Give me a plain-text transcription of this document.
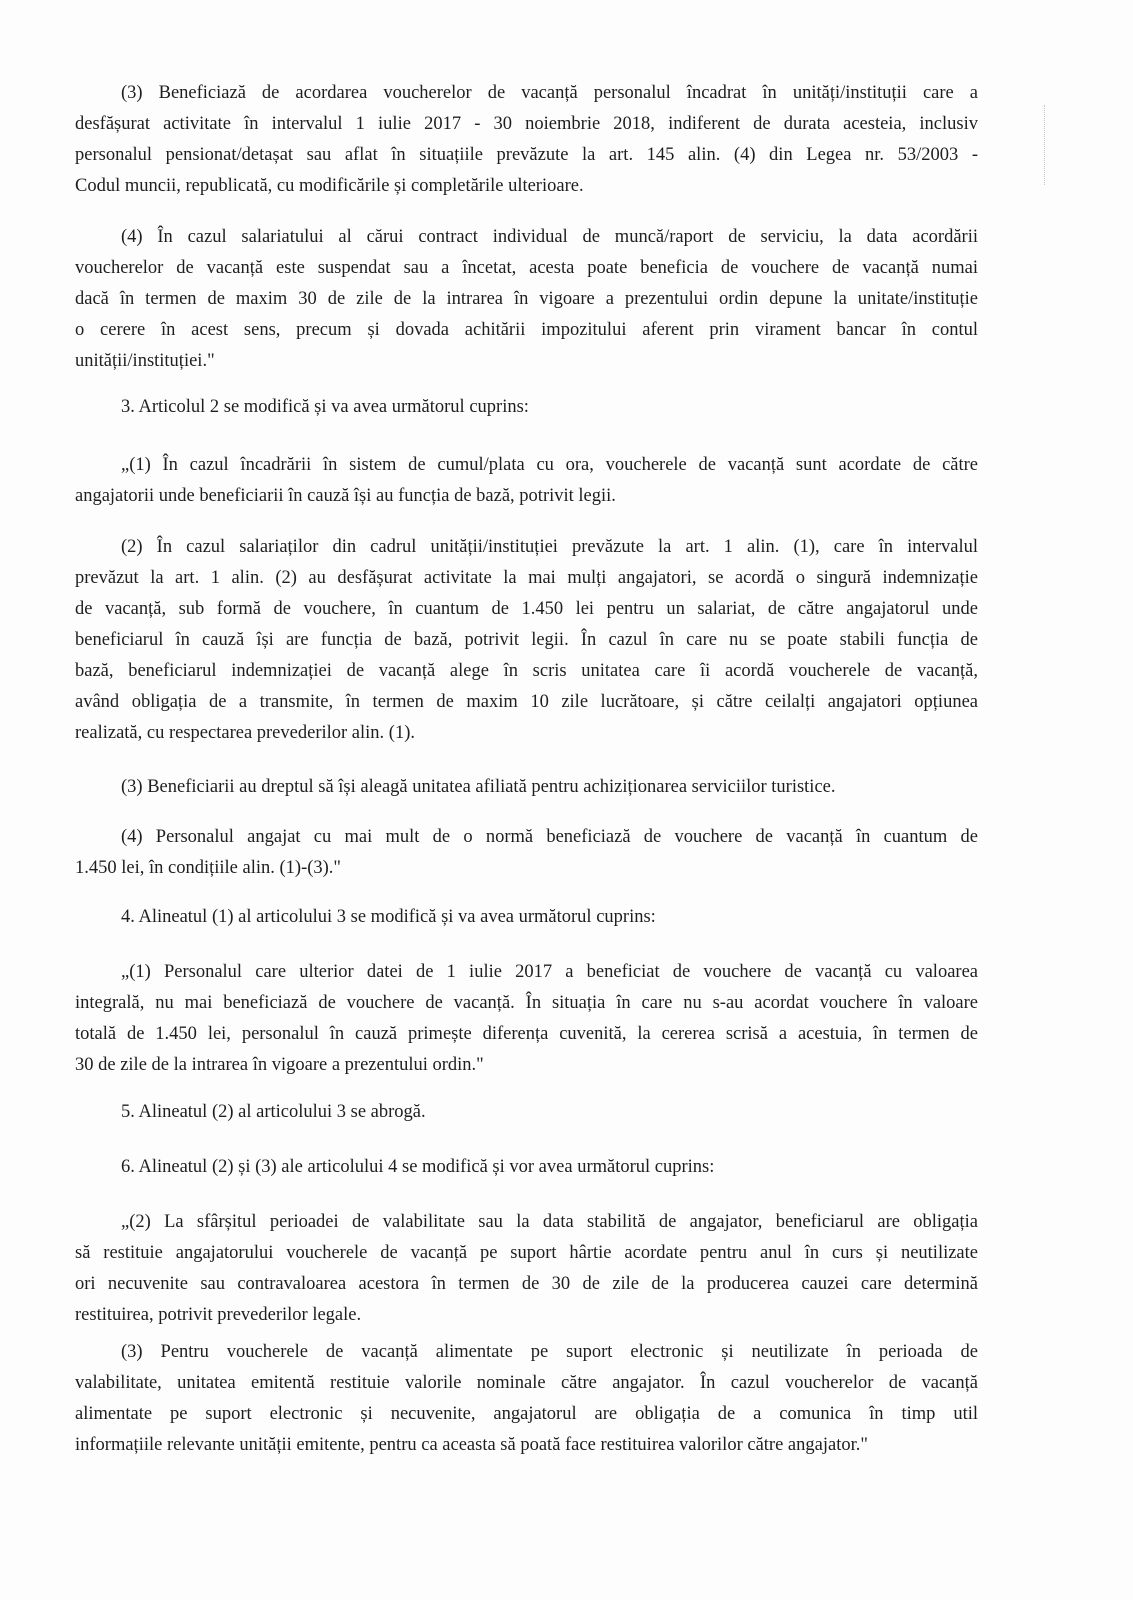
(3) Beneficiază de acordarea voucherelor de vacanță personalul încadrat în unități/instituții care a
desfășurat activitate în intervalul 1 iulie 2017 - 30 noiembrie 2018, indiferent de durata acesteia, inclusiv
personalul pensionat/detașat sau aflat în situațiile prevăzute la art. 145 alin. (4) din Legea nr. 53/2003 -
Codul muncii, republicată, cu modificările și completările ulterioare.
(4) În cazul salariatului al cărui contract individual de muncă/raport de serviciu, la data acordării
voucherelor de vacanță este suspendat sau a încetat, acesta poate beneficia de vouchere de vacanță numai
dacă în termen de maxim 30 de zile de la intrarea în vigoare a prezentului ordin depune la unitate/instituție
o cerere în acest sens, precum și dovada achitării impozitului aferent prin virament bancar în contul
unității/instituției."
3. Articolul 2 se modifică și va avea următorul cuprins:
„(1) În cazul încadrării în sistem de cumul/plata cu ora, voucherele de vacanță sunt acordate de către
angajatorii unde beneficiarii în cauză își au funcția de bază, potrivit legii.
(2) În cazul salariaților din cadrul unității/instituției prevăzute la art. 1 alin. (1), care în intervalul
prevăzut la art. 1 alin. (2) au desfășurat activitate la mai mulți angajatori, se acordă o singură indemnizație
de vacanță, sub formă de vouchere, în cuantum de 1.450 lei pentru un salariat, de către angajatorul unde
beneficiarul în cauză își are funcția de bază, potrivit legii. În cazul în care nu se poate stabili funcția de
bază, beneficiarul indemnizației de vacanță alege în scris unitatea care îi acordă voucherele de vacanță,
având obligația de a transmite, în termen de maxim 10 zile lucrătoare, și către ceilalți angajatori opțiunea
realizată, cu respectarea prevederilor alin. (1).
(3) Beneficiarii au dreptul să își aleagă unitatea afiliată pentru achiziționarea serviciilor turistice.
(4) Personalul angajat cu mai mult de o normă beneficiază de vouchere de vacanță în cuantum de
1.450 lei, în condițiile alin. (1)-(3)."
4. Alineatul (1) al articolului 3 se modifică și va avea următorul cuprins:
„(1) Personalul care ulterior datei de 1 iulie 2017 a beneficiat de vouchere de vacanță cu valoarea
integrală, nu mai beneficiază de vouchere de vacanță. În situația în care nu s-au acordat vouchere în valoare
totală de 1.450 lei, personalul în cauză primește diferența cuvenită, la cererea scrisă a acestuia, în termen de
30 de zile de la intrarea în vigoare a prezentului ordin."
5. Alineatul (2) al articolului 3 se abrogă.
6. Alineatul (2) și (3) ale articolului 4 se modifică și vor avea următorul cuprins:
„(2) La sfârșitul perioadei de valabilitate sau la data stabilită de angajator, beneficiarul are obligația
să restituie angajatorului voucherele de vacanță pe suport hârtie acordate pentru anul în curs și neutilizate
ori necuvenite sau contravaloarea acestora în termen de 30 de zile de la producerea cauzei care determină
restituirea, potrivit prevederilor legale.
(3) Pentru voucherele de vacanță alimentate pe suport electronic și neutilizate în perioada de
valabilitate, unitatea emitentă restituie valorile nominale către angajator. În cazul voucherelor de vacanță
alimentate pe suport electronic și necuvenite, angajatorul are obligația de a comunica în timp util
informațiile relevante unității emitente, pentru ca aceasta să poată face restituirea valorilor către angajator."
